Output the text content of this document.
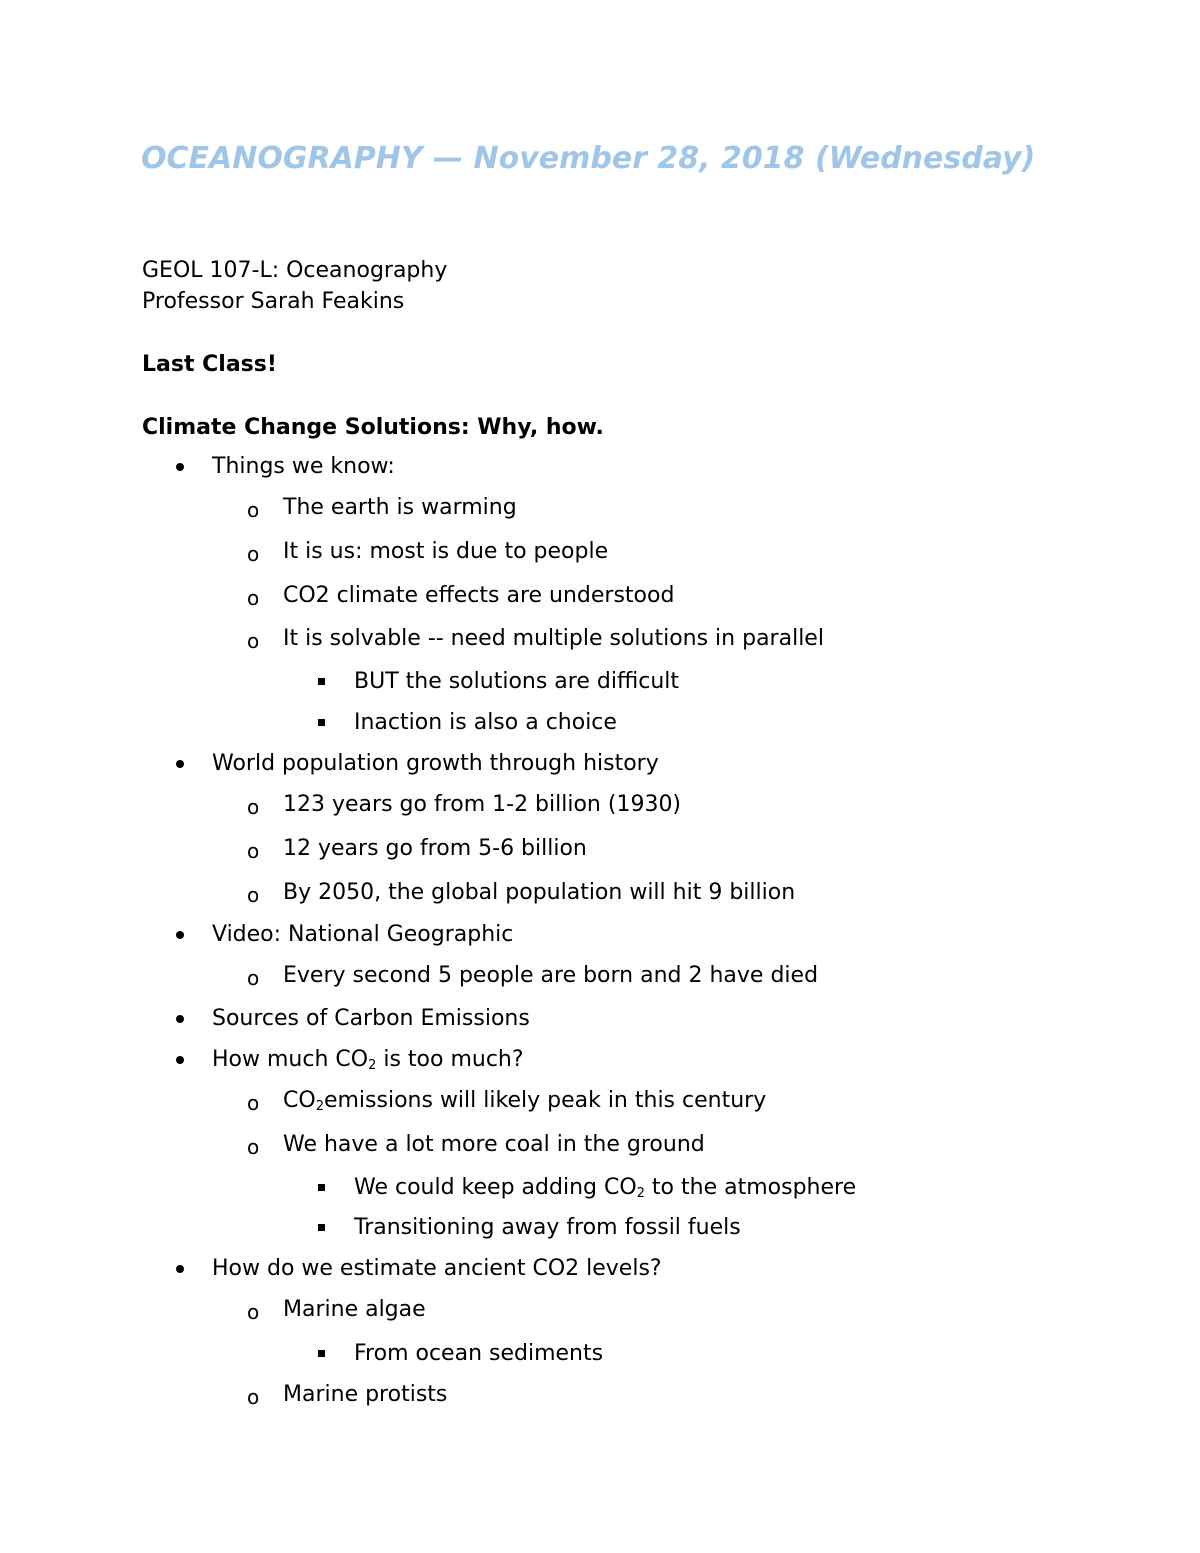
OCEANOGRAPHY — November 28, 2018 (Wednesday)

GEOL 107-L: Oceanography

Professor Sarah Feakins

Last Class!

Climate Change Solutions: Why, how.

Things we know:

o The earth is warming

o It is us: most is due to people

o CO2 climate effects are understood

o It is solvable -- need multiple solutions in parallel

BUT the solutions are difficult

Inaction is also a choice

World population growth through history

o 123 years go from 1-2 billion (1930)

o 12 years go from 5-6 billion

o By 2050, the global population will hit 9 billion

Video: National Geographic

o Every second 5 people are born and 2 have died

Sources of Carbon Emissions

How much $CO_2$ is too much?

o $CO_2emissions$ will likely peak in this century

o We have a lot more coal in the ground

We could keep adding $CO_2$ to the atmosphere

Transitioning away from fossil fuels

How do we estimate ancient CO2 levels?

o Marine algae

From ocean sediments

o Marine protists
